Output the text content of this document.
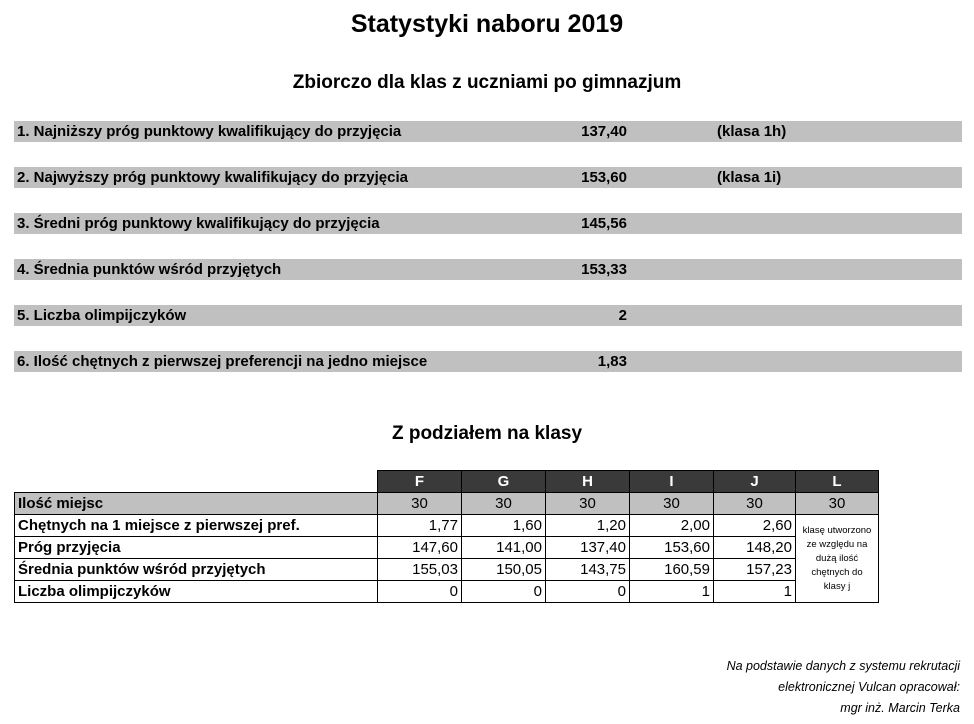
Statystyki naboru 2019
Zbiorczo dla klas z uczniami po gimnazjum
1. Najniższy próg punktowy kwalifikujący do przyjęcia	137,40	(klasa 1h)
2. Najwyższy próg punktowy kwalifikujący do przyjęcia	153,60	(klasa 1i)
3. Średni próg punktowy kwalifikujący do przyjęcia	145,56
4. Średnia punktów wśród przyjętych	153,33
5. Liczba olimpijczyków	2
6. Ilość chętnych z pierwszej preferencji na jedno miejsce	1,83
Z podziałem na klasy
	F	G	H	I	J	L
Ilość miejsc	30	30	30	30	30	30
Chętnych na 1 miejsce z pierwszej pref.	1,77	1,60	1,20	2,00	2,60	klasę utworzono
ze względu na
dużą ilość
chętnych do
klasy j
Próg przyjęcia	147,60	141,00	137,40	153,60	148,20	
Średnia punktów wśród przyjętych	155,03	150,05	143,75	160,59	157,23	
Liczba olimpijczyków	0	0	0	1	1	
Na podstawie danych z systemu rekrutacji
elektronicznej Vulcan opracował:
mgr inż. Marcin Terka
